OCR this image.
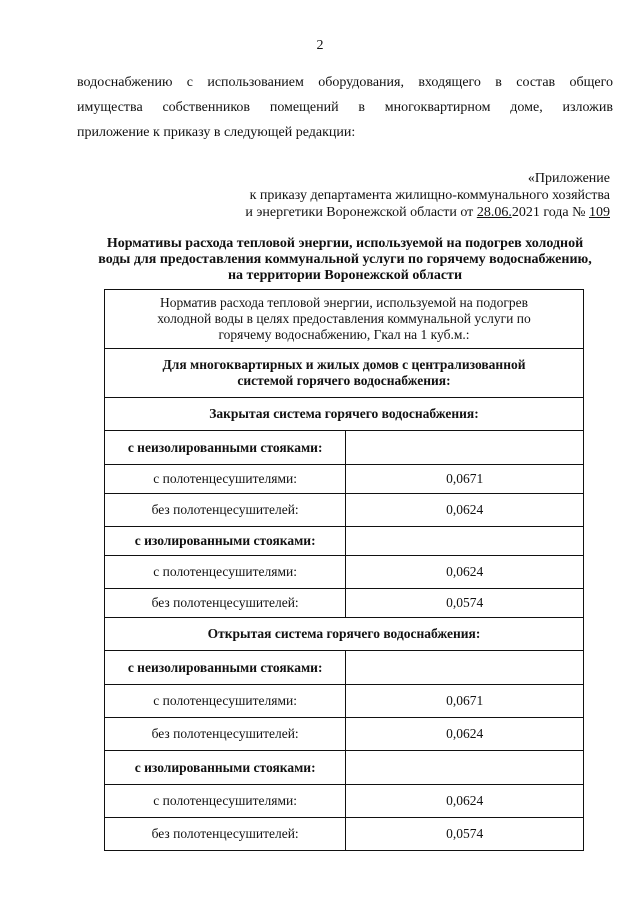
2
водоснабжению с использованием оборудования, входящего в состав общего
имущества собственников помещений в многоквартирном доме, изложив
приложение к приказу в следующей редакции:
«Приложение
к приказу департамента жилищно-коммунального хозяйства
и энергетики Воронежской области от 28.06.2021 года № 109
Нормативы расхода тепловой энергии, используемой на подогрев холодной
воды для предоставления коммунальной услуги по горячему водоснабжению,
на территории Воронежской области
Норматив расхода тепловой энергии, используемой на подогрев
холодной воды в целях предоставления коммунальной услуги по
горячему водоснабжению, Гкал на 1 куб.м.:	

Для многоквартирных и жилых домов с централизованной
системой горячего водоснабжения:	

Закрытая система горячего водоснабжения:	
с неизолированными стояками:	
с полотенцесушителями:	0,0671
без полотенцесушителей:	0,0624
с изолированными стояками:	
с полотенцесушителями:	0,0624
без полотенцесушителей:	0,0574
Открытая система горячего водоснабжения:	
с неизолированными стояками:	
с полотенцесушителями:	0,0671
без полотенцесушителей:	0,0624
с изолированными стояками:	
с полотенцесушителями:	0,0624
без полотенцесушителей:	0,0574
